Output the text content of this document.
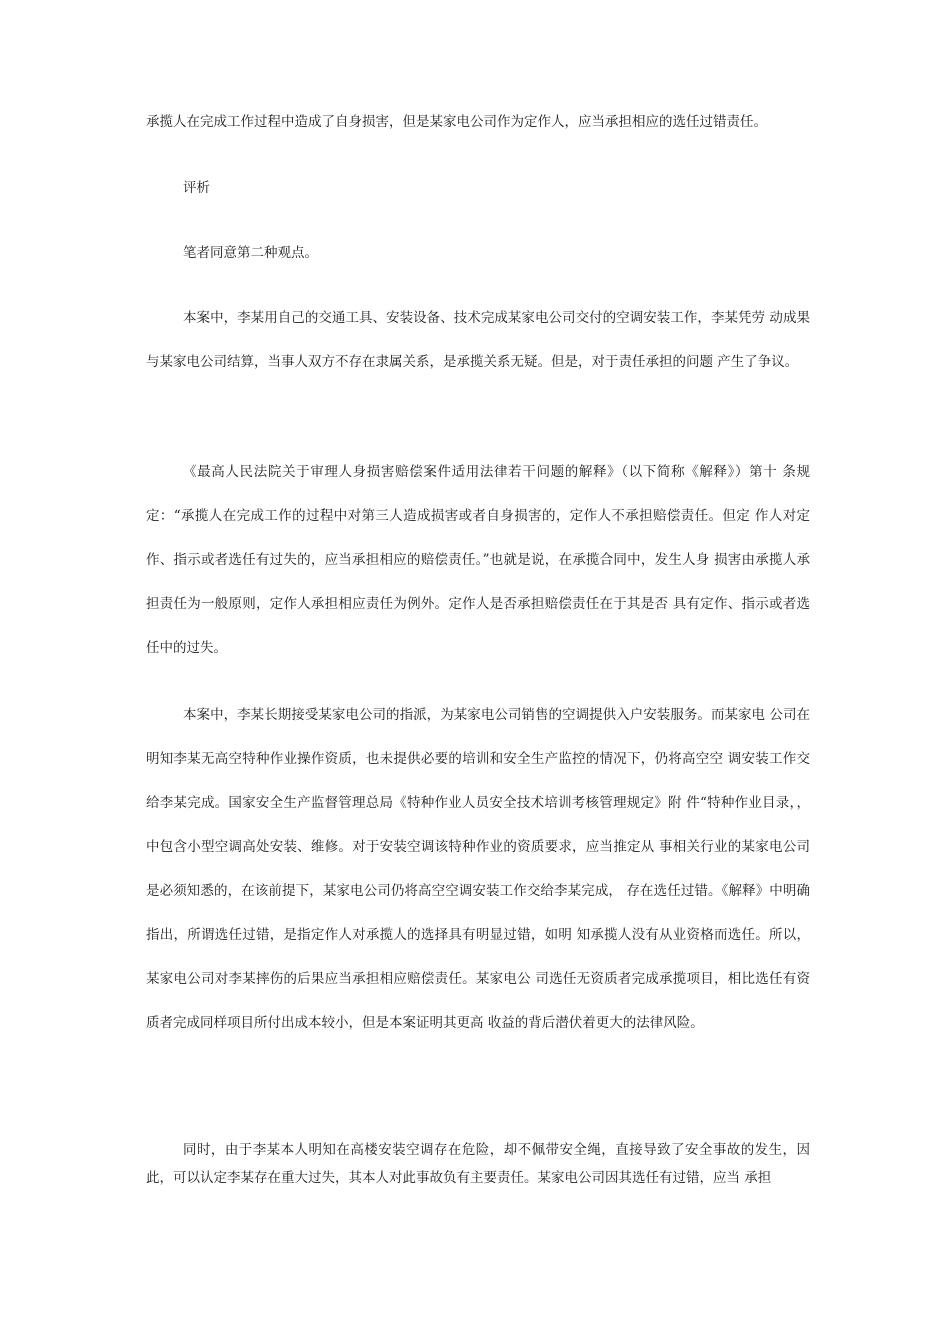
承揽人在完成工作过程中造成了自身损害，但是某家电公司作为定作人，应当承担相应的选任过错责任。

评析

笔者同意第二种观点。

本案中，李某用自己的交通工具、安装设备、技术完成某家电公司交付的空调安装工作，李某凭劳 动成果与某家电公司结算，当事人双方不存在隶属关系，是承揽关系无疑。但是，对于责任承担的问题 产生了争议。

《最高人民法院关于审理人身损害赔偿案件适用法律若干问题的解释》（以下简称《解释》）第十 条规定：“承揽人在完成工作的过程中对第三人造成损害或者自身损害的，定作人不承担赔偿责任。但定 作人对定作、指示或者选任有过失的，应当承担相应的赔偿责任。”也就是说，在承揽合同中，发生人身 损害由承揽人承担责任为一般原则，定作人承担相应责任为例外。定作人是否承担赔偿责任在于其是否 具有定作、指示或者选任中的过失。

本案中，李某长期接受某家电公司的指派，为某家电公司销售的空调提供入户安装服务。而某家电 公司在明知李某无高空特种作业操作资质，也未提供必要的培训和安全生产监控的情况下，仍将高空空 调安装工作交给李某完成。国家安全生产监督管理总局《特种作业人员安全技术培训考核管理规定》附 件“特种作业目录，，中包含小型空调高处安装、维修。对于安装空调该特种作业的资质要求，应当推定从 事相关行业的某家电公司是必须知悉的，在该前提下，某家电公司仍将高空空调安装工作交给李某完成， 存在选任过错。《解释》中明确指出，所谓选任过错，是指定作人对承揽人的选择具有明显过错，如明 知承揽人没有从业资格而选任。所以，某家电公司对李某摔伤的后果应当承担相应赔偿责任。某家电公 司选任无资质者完成承揽项目，相比选任有资质者完成同样项目所付出成本较小，但是本案证明其更高 收益的背后潜伏着更大的法律风险。

同时，由于李某本人明知在高楼安装空调存在危险，却不佩带安全绳，直接导致了安全事故的发生，因此，可以认定李某存在重大过失，其本人对此事故负有主要责任。某家电公司因其选任有过错，应当 承担
